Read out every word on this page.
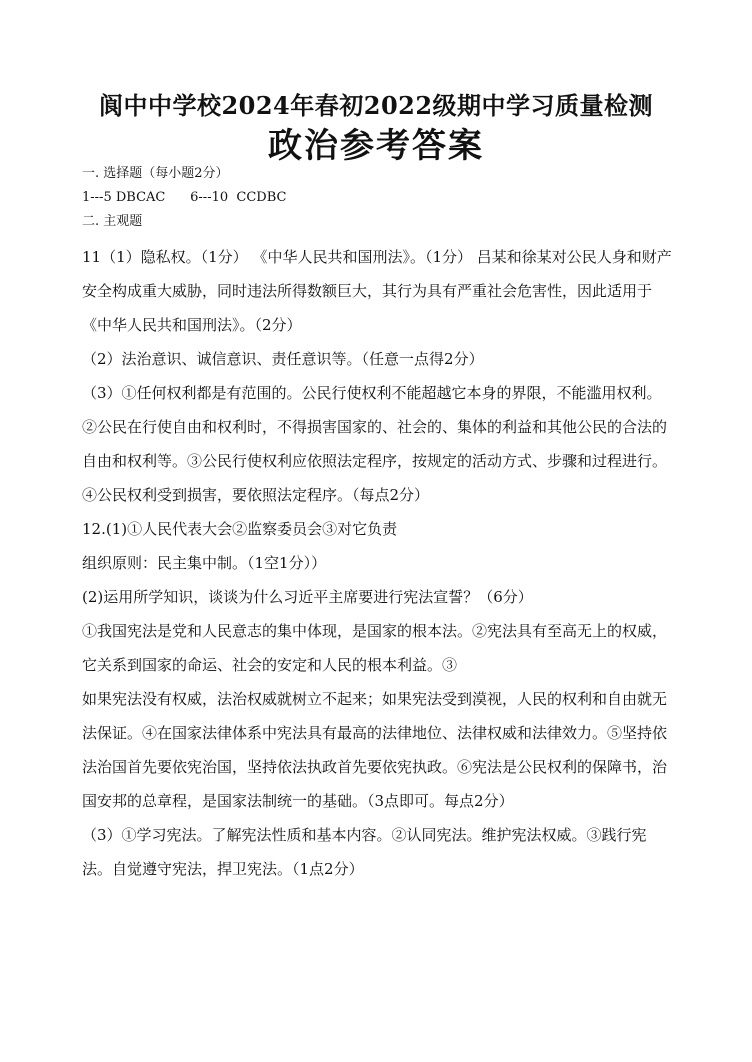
阆中中学校2024年春初2022级期中学习质量检测
政治参考答案
一. 选择题（每小题2分）
1---5 DBCAC      6---10  CCDBC
二. 主观题

11（1）隐私权。（1分） 《中华人民共和国刑法》。（1分） 吕某和徐某对公民人身和财产安全构成重大威胁，同时违法所得数额巨大，其行为具有严重社会危害性，因此适用于《中华人民共和国刑法》。（2分）

（2）法治意识、诚信意识、责任意识等。（任意一点得2分）

（3）①任何权利都是有范围的。公民行使权利不能超越它本身的界限，不能滥用权利。②公民在行使自由和权利时，不得损害国家的、社会的、集体的利益和其他公民的合法的自由和权利等。③公民行使权利应依照法定程序，按规定的活动方式、步骤和过程进行。④公民权利受到损害，要依照法定程序。（每点2分）

12.(1)①人民代表大会②监察委员会③对它负责

组织原则：民主集中制。（1空1分））

(2)运用所学知识，谈谈为什么习近平主席要进行宪法宣誓？（6分）

①我国宪法是党和人民意志的集中体现，是国家的根本法。②宪法具有至高无上的权威，它关系到国家的命运、社会的安定和人民的根本利益。③

如果宪法没有权威，法治权威就树立不起来；如果宪法受到漠视，人民的权利和自由就无法保证。④在国家法律体系中宪法具有最高的法律地位、法律权威和法律效力。⑤坚持依法治国首先要依宪治国，坚持依法执政首先要依宪执政。⑥宪法是公民权利的保障书，治国安邦的总章程，是国家法制统一的基础。（3点即可。每点2分）

（3）①学习宪法。了解宪法性质和基本内容。②认同宪法。维护宪法权威。③践行宪法。自觉遵守宪法，捍卫宪法。（1点2分）
